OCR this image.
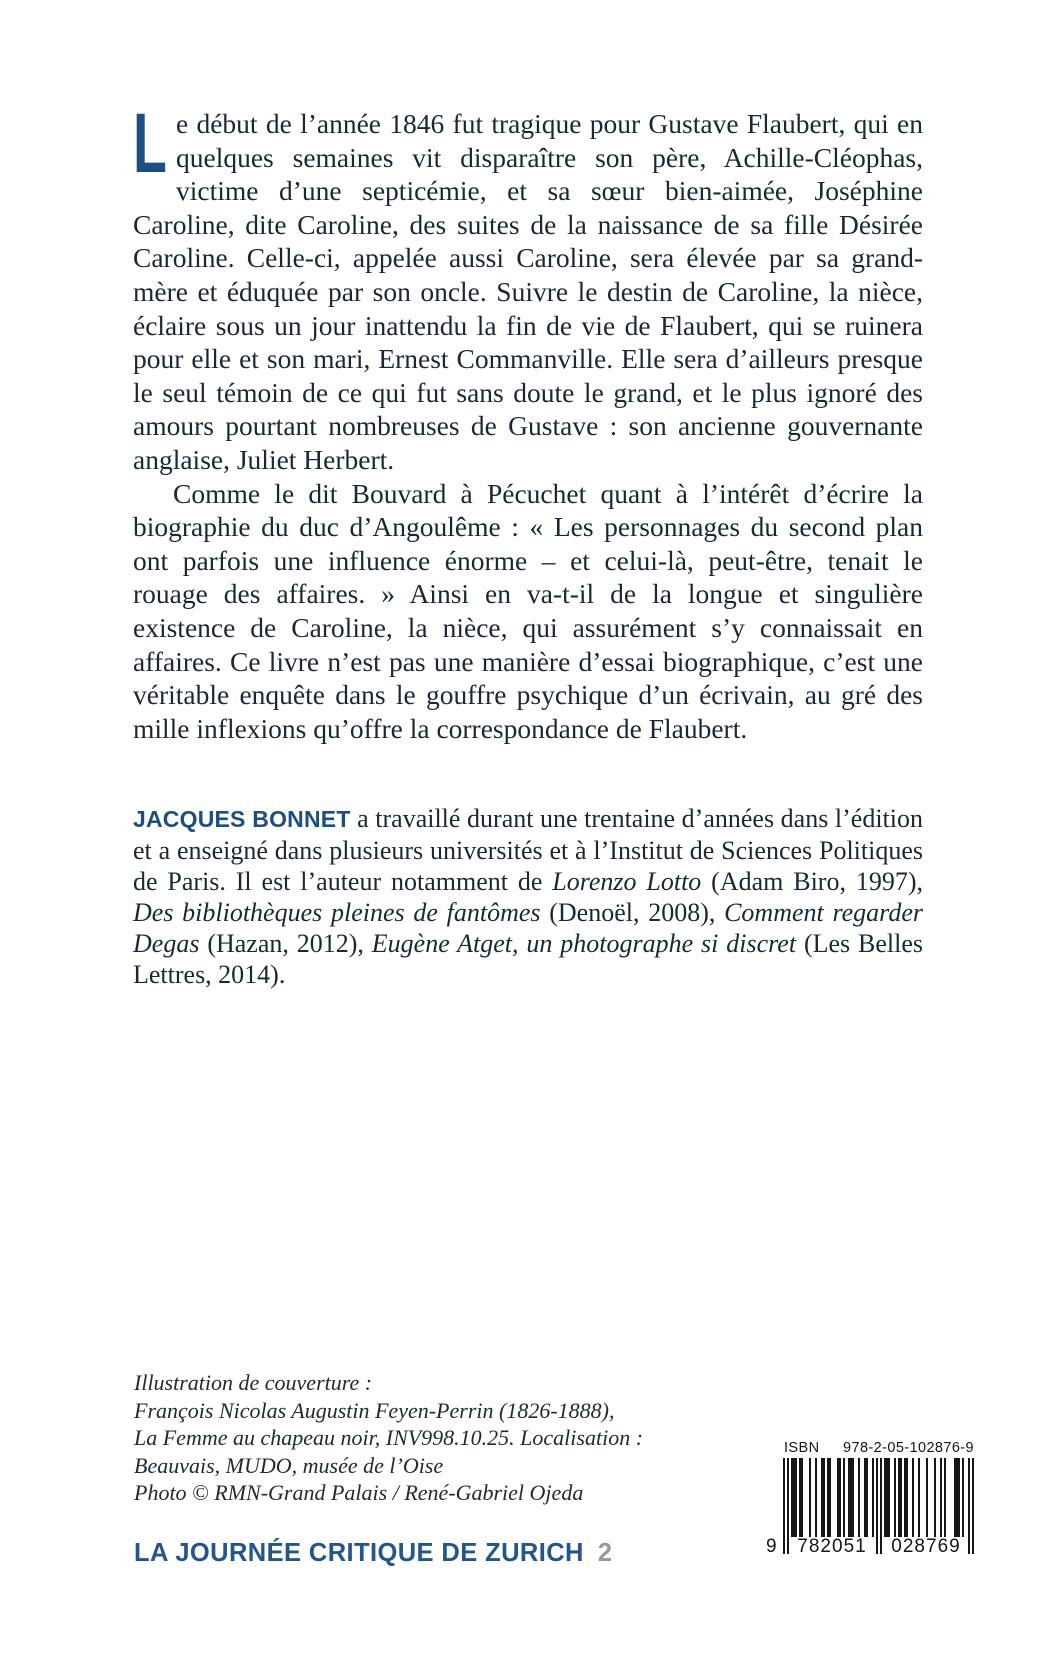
Le début de l’année 1846 fut tragique pour Gustave Flaubert, qui en quelques semaines vit disparaître son père, Achille-Cléophas, victime d’une septicémie, et sa sœur bien-aimée, Joséphine Caroline, dite Caroline, des suites de la naissance de sa fille Désirée Caroline. Celle-ci, appelée aussi Caroline, sera élevée par sa grand-mère et éduquée par son oncle. Suivre le destin de Caroline, la nièce, éclaire sous un jour inattendu la fin de vie de Flaubert, qui se ruinera pour elle et son mari, Ernest Commanville. Elle sera d’ailleurs presque le seul témoin de ce qui fut sans doute le grand, et le plus ignoré des amours pourtant nombreuses de Gustave : son ancienne gouvernante anglaise, Juliet Herbert.

Comme le dit Bouvard à Pécuchet quant à l’intérêt d’écrire la biographie du duc d’Angoulême : « Les personnages du second plan ont parfois une influence énorme – et celui-là, peut-être, tenait le rouage des affaires. » Ainsi en va-t-il de la longue et singulière existence de Caroline, la nièce, qui assurément s’y connaissait en affaires. Ce livre n’est pas une manière d’essai biographique, c’est une véritable enquête dans le gouffre psychique d’un écrivain, au gré des mille inflexions qu’offre la correspondance de Flaubert.

JACQUES BONNET a travaillé durant une trentaine d’années dans l’édition et a enseigné dans plusieurs universités et à l’Institut de Sciences Politiques de Paris. Il est l’auteur notamment de Lorenzo Lotto (Adam Biro, 1997), Des bibliothèques pleines de fantômes (Denoël, 2008), Comment regarder Degas (Hazan, 2012), Eugène Atget, un photographe si discret (Les Belles Lettres, 2014).

Illustration de couverture :
François Nicolas Augustin Feyen-Perrin (1826-1888),
La Femme au chapeau noir, INV998.10.25. Localisation :
Beauvais, MUDO, musée de l’Oise
Photo © RMN-Grand Palais / René-Gabriel Ojeda
ISBN 978-2-05-102876-9
9	782051	028769
LA JOURNÉE CRITIQUE DE ZURICH 2
